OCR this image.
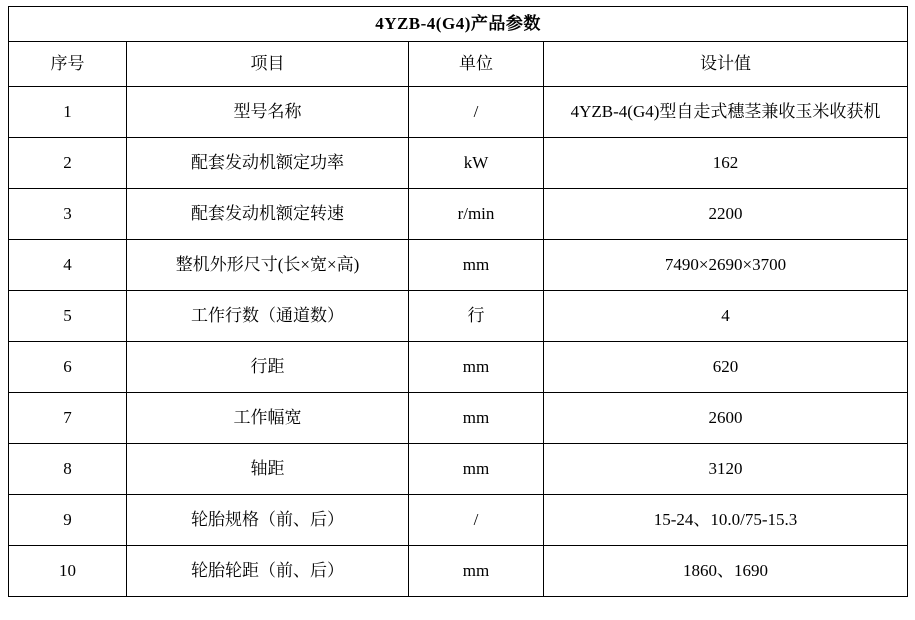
4YZB-4(G4)产品参数			
序号	项目	单位	设计值
1	型号名称	/	4YZB-4(G4)型自走式穗茎兼收玉米收获机
2	配套发动机额定功率	kW	162
3	配套发动机额定转速	r/min	2200
4	整机外形尺寸(长×宽×高)	mm	7490×2690×3700
5	工作行数（通道数）	行	4
6	行距	mm	620
7	工作幅宽	mm	2600
8	轴距	mm	3120
9	轮胎规格（前、后）	/	15-24、10.0/75-15.3
10	轮胎轮距（前、后）	mm	1860、1690
